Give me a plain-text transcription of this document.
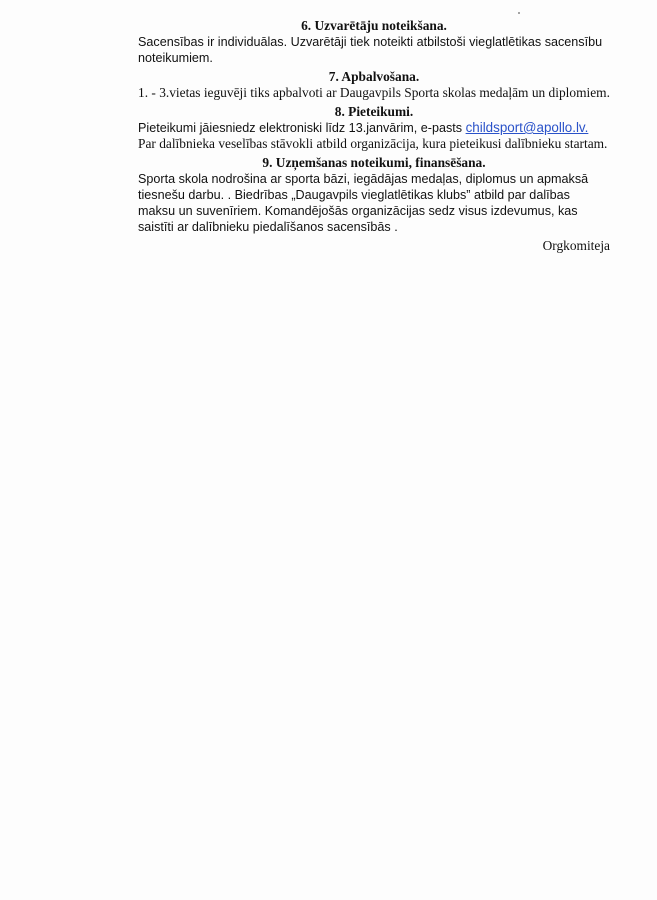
6. Uzvarētāju noteikšana.

Sacensības ir individuālas. Uzvarētāji tiek noteikti atbilstoši vieglatlētikas sacensību noteikumiem.

7. Apbalvošana.

1. - 3.vietas ieguvēji tiks apbalvoti ar Daugavpils Sporta skolas medaļām un diplomiem.

8. Pieteikumi.

Pieteikumi jāiesniedz elektroniski līdz 13.janvārim, e-pasts childsport@apollo.lv.

Par dalībnieka veselības stāvokli atbild organizācija, kura pieteikusi dalībnieku startam.

9. Uzņemšanas noteikumi, finansēšana.

Sporta skola nodrošina ar sporta bāzi, iegādājas medaļas, diplomus un apmaksā tiesnešu darbu. . Biedrības „Daugavpils vieglatlētikas klubs” atbild par dalības maksu un suvenīriem. Komandējošās organizācijas sedz visus izdevumus, kas saistīti ar dalībnieku piedalīšanos sacensībās .

Orgkomiteja
